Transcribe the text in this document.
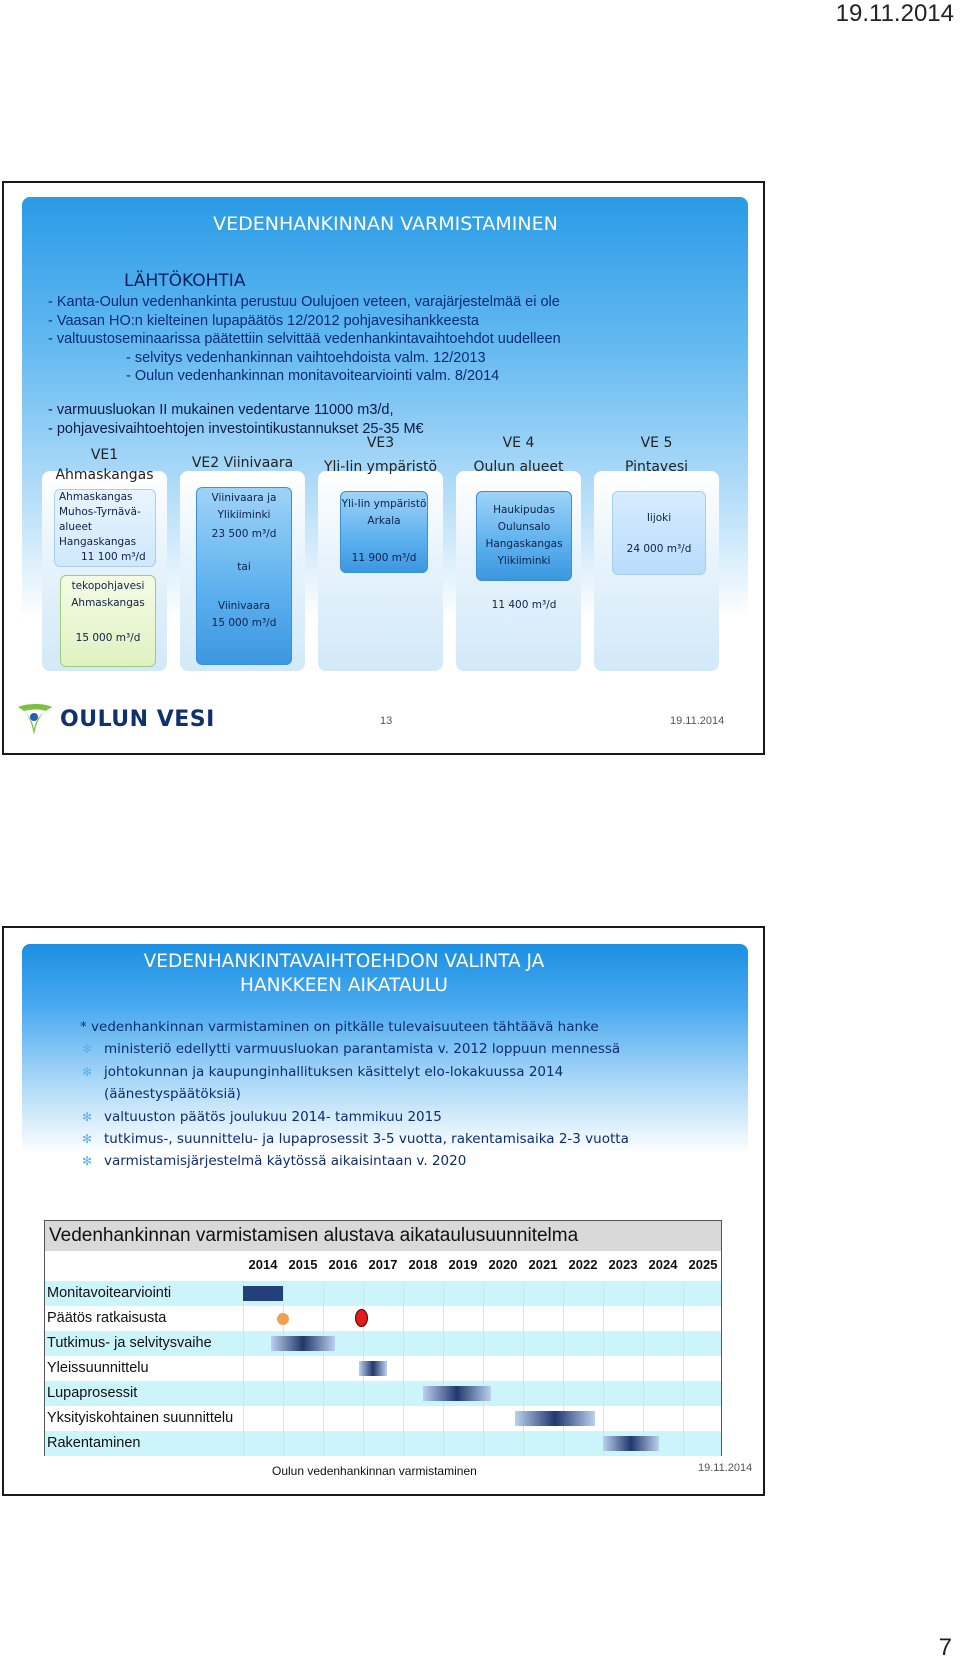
19.11.2014
VEDENHANKINNAN VARMISTAMINEN
LÄHTÖKOHTIA
- Kanta-Oulun vedenhankinta perustuu Oulujoen veteen, varajärjestelmää ei ole
- Vaasan HO:n kielteinen lupapäätös 12/2012 pohjavesihankkeesta
- valtuustoseminaarissa päätettiin selvittää vedenhankintavaihtoehdot uudelleen
- selvitys vedenhankinnan vaihtoehdoista valm. 12/2013
- Oulun vedenhankinnan monitavoitearviointi valm. 8/2014
- varmuusluokan II mukainen vedentarve 11000 m3/d,
- pohjavesivaihtoehtojen investointikustannukset 25-35 M€
VE1
Ahmaskangas
Ahmaskangas
Muhos-Tyrnävä-
alueet
Hangaskangas
11 100 m³/d
tekopohjavesi
Ahmaskangas
15 000 m³/d
VE2 Viinivaara
Viinivaara ja
Ylikiiminki
23 500 m³/d
tai
Viinivaara
15 000 m³/d
VE3
Yli-Iin ympäristö
Yli-Iin ympäristö
Arkala
11 900 m³/d
VE 4
Oulun alueet
Haukipudas
Oulunsalo
Hangaskangas
Ylikiiminki
11 400 m³/d
VE 5
Pintavesi
Iijoki
24 000 m³/d
OULUN VESI	13	19.11.2014
VEDENHANKINTAVAIHTOEHDON VALINTA JA
HANKKEEN AIKATAULU
* vedenhankinnan varmistaminen on pitkälle tulevaisuuteen tähtäävä hanke
✻ ministeriö edellytti varmuusluokan parantamista v. 2012 loppuun mennessä
✻ johtokunnan ja kaupunginhallituksen käsittelyt elo-lokakuussa 2014
(äänestyspäätöksiä)
✻ valtuuston päätös joulukuu 2014- tammikuu 2015
✻ tutkimus-, suunnittelu- ja lupaprosessit 3-5 vuotta, rakentamisaika 2-3 vuotta
✻ varmistamisjärjestelmä käytössä aikaisintaan v. 2020
Vedenhankinnan varmistamisen alustava aikataulusuunnitelma
2014 2015 2016 2017 2018 2019 2020 2021 2022 2023 2024 2025
Monitavoitearviointi
Päätös ratkaisusta
Tutkimus- ja selvitysvaihe
Yleissuunnittelu
Lupaprosessit
Yksityiskohtainen suunnittelu
Rakentaminen
Oulun vedenhankinnan varmistaminen	19.11.2014
7
